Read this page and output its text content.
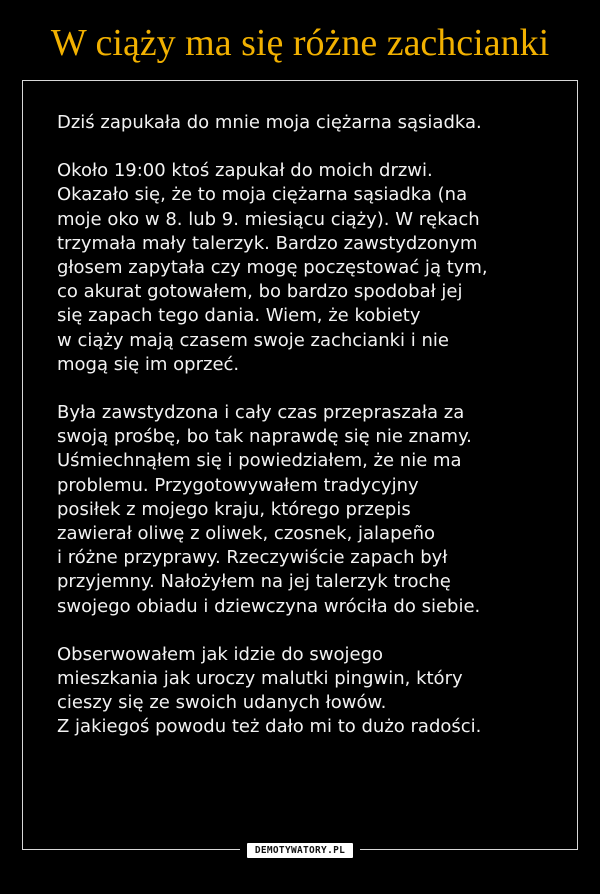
W ciąży ma się różne zachcianki
Dziś zapukała do mnie moja ciężarna sąsiadka.
Około 19:00 ktoś zapukał do moich drzwi.
Okazało się, że to moja ciężarna sąsiadka (na
moje oko w 8. lub 9. miesiącu ciąży). W rękach
trzymała mały talerzyk. Bardzo zawstydzonym
głosem zapytała czy mogę poczęstować ją tym,
co akurat gotowałem, bo bardzo spodobał jej
się zapach tego dania. Wiem, że kobiety
w ciąży mają czasem swoje zachcianki i nie
mogą się im oprzeć.
Była zawstydzona i cały czas przepraszała za
swoją prośbę, bo tak naprawdę się nie znamy.
Uśmiechnąłem się i powiedziałem, że nie ma
problemu. Przygotowywałem tradycyjny
posiłek z mojego kraju, którego przepis
zawierał oliwę z oliwek, czosnek, jalapeño
i różne przyprawy. Rzeczywiście zapach był
przyjemny. Nałożyłem na jej talerzyk trochę
swojego obiadu i dziewczyna wróciła do siebie.
Obserwowałem jak idzie do swojego
mieszkania jak uroczy malutki pingwin, który
cieszy się ze swoich udanych łowów.
Z jakiegoś powodu też dało mi to dużo radości.
DEMOTYWATORY.PL
